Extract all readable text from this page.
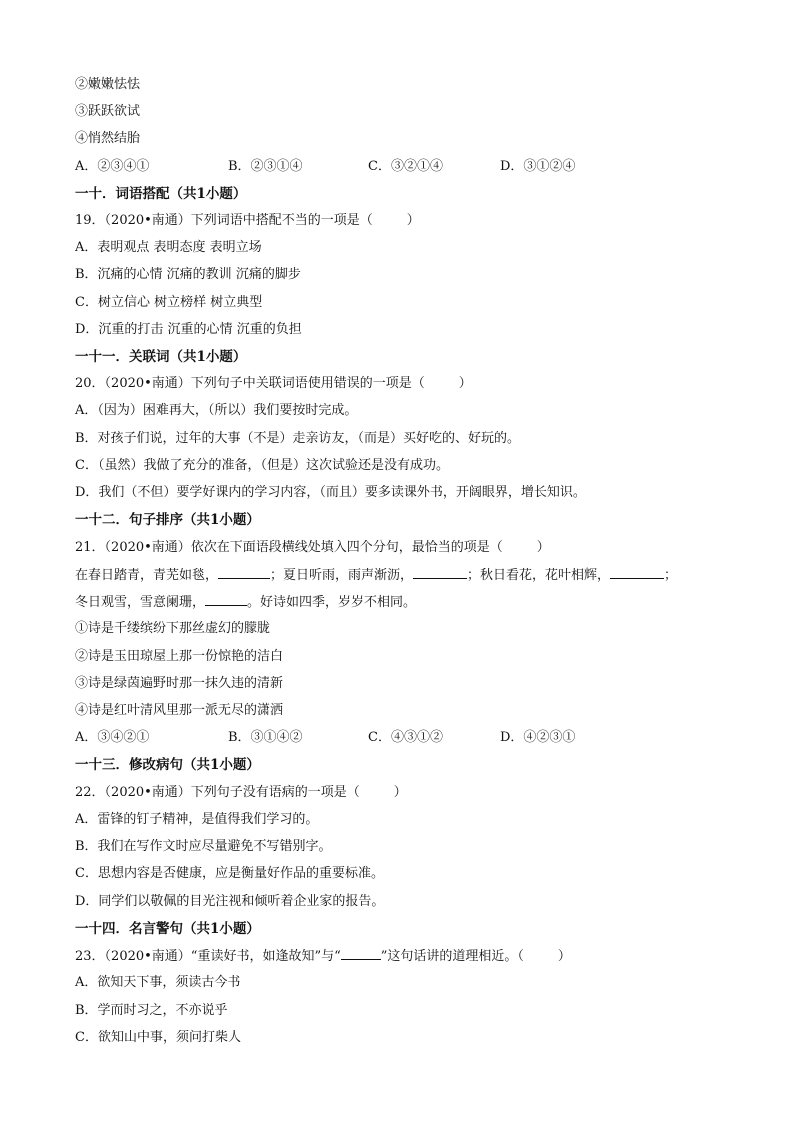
②嫩嫩怯怯
③跃跃欲试
④悄然结胎
A．②③④①	B．②③①④	C．③②①④	D．③①②④
一十．词语搭配（共1小题）
19．（2020•南通）下列词语中搭配不当的一项是（	）
A．表明观点 表明态度 表明立场
B．沉痛的心情 沉痛的教训 沉痛的脚步
C．树立信心 树立榜样 树立典型
D．沉重的打击 沉重的心情 沉重的负担
一十一．关联词（共1小题）
20．（2020•南通）下列句子中关联词语使用错误的一项是（	）
A．（因为）困难再大，（所以）我们要按时完成。
B．对孩子们说，过年的大事（不是）走亲访友，（而是）买好吃的、好玩的。
C．（虽然）我做了充分的准备，（但是）这次试验还是没有成功。
D．我们（不但）要学好课内的学习内容，（而且）要多读课外书，开阔眼界，增长知识。
一十二．句子排序（共1小题）
21．（2020•南通）依次在下面语段横线处填入四个分句，最恰当的项是（	）
在春日踏青，青芜如毯，	；夏日听雨，雨声渐沥，	；秋日看花，花叶相辉，	；
冬日观雪，雪意阑珊，	。好诗如四季，岁岁不相同。
①诗是千缕缤纷下那丝虚幻的朦胧
②诗是玉田琼屋上那一份惊艳的洁白
③诗是绿茵遍野时那一抹久违的清新
④诗是红叶清风里那一派无尽的潇洒
A．③④②①	B．③①④②	C．④③①②	D．④②③①
一十三．修改病句（共1小题）
22．（2020•南通）下列句子没有语病的一项是（	）
A．雷锋的钉子精神，是值得我们学习的。
B．我们在写作文时应尽量避免不写错别字。
C．思想内容是否健康，应是衡量好作品的重要标准。
D．同学们以敬佩的目光注视和倾听着企业家的报告。
一十四．名言警句（共1小题）
23．（2020•南通）“重读好书，如逢故知”与“	”这句话讲的道理相近。（	）
A．欲知天下事，须读古今书
B．学而时习之，不亦说乎
C．欲知山中事，须问打柴人
